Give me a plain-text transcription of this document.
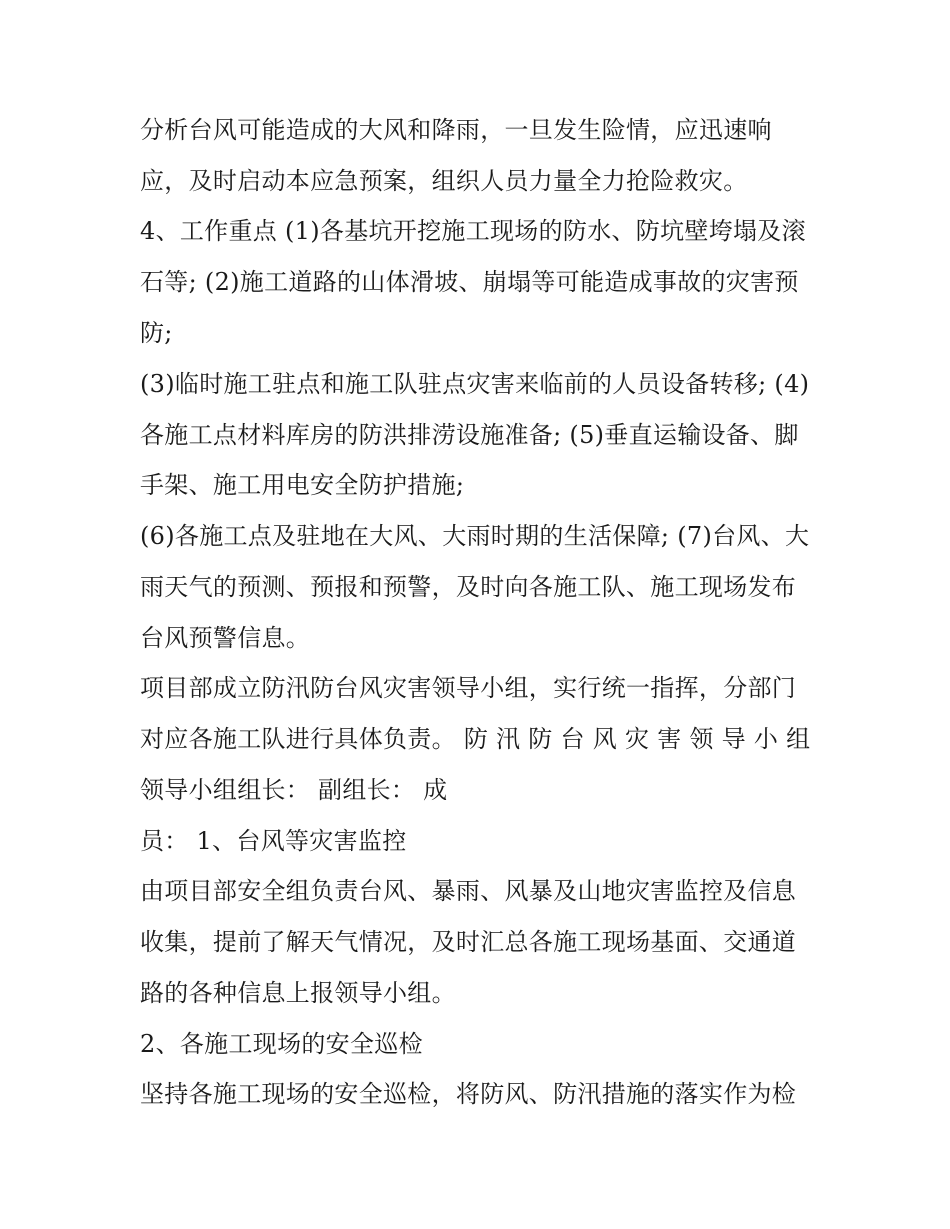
分析台风可能造成的大风和降雨，一旦发生险情，应迅速响
应，及时启动本应急预案，组织人员力量全力抢险救灾。
4、工作重点 (1)各基坑开挖施工现场的防水、防坑壁垮塌及滚
石等; (2)施工道路的山体滑坡、崩塌等可能造成事故的灾害预
防;
(3)临时施工驻点和施工队驻点灾害来临前的人员设备转移; (4)
各施工点材料库房的防洪排涝设施准备; (5)垂直运输设备、脚
手架、施工用电安全防护措施;
(6)各施工点及驻地在大风、大雨时期的生活保障; (7)台风、大
雨天气的预测、预报和预警，及时向各施工队、施工现场发布
台风预警信息。
项目部成立防汛防台风灾害领导小组，实行统一指挥，分部门
对应各施工队进行具体负责。 防 汛 防 台 风 灾 害 领 导 小 组
领导小组组长： 副组长： 成
员： 1、台风等灾害监控
由项目部安全组负责台风、暴雨、风暴及山地灾害监控及信息
收集，提前了解天气情况，及时汇总各施工现场基面、交通道
路的各种信息上报领导小组。
2、各施工现场的安全巡检
坚持各施工现场的安全巡检，将防风、防汛措施的落实作为检
